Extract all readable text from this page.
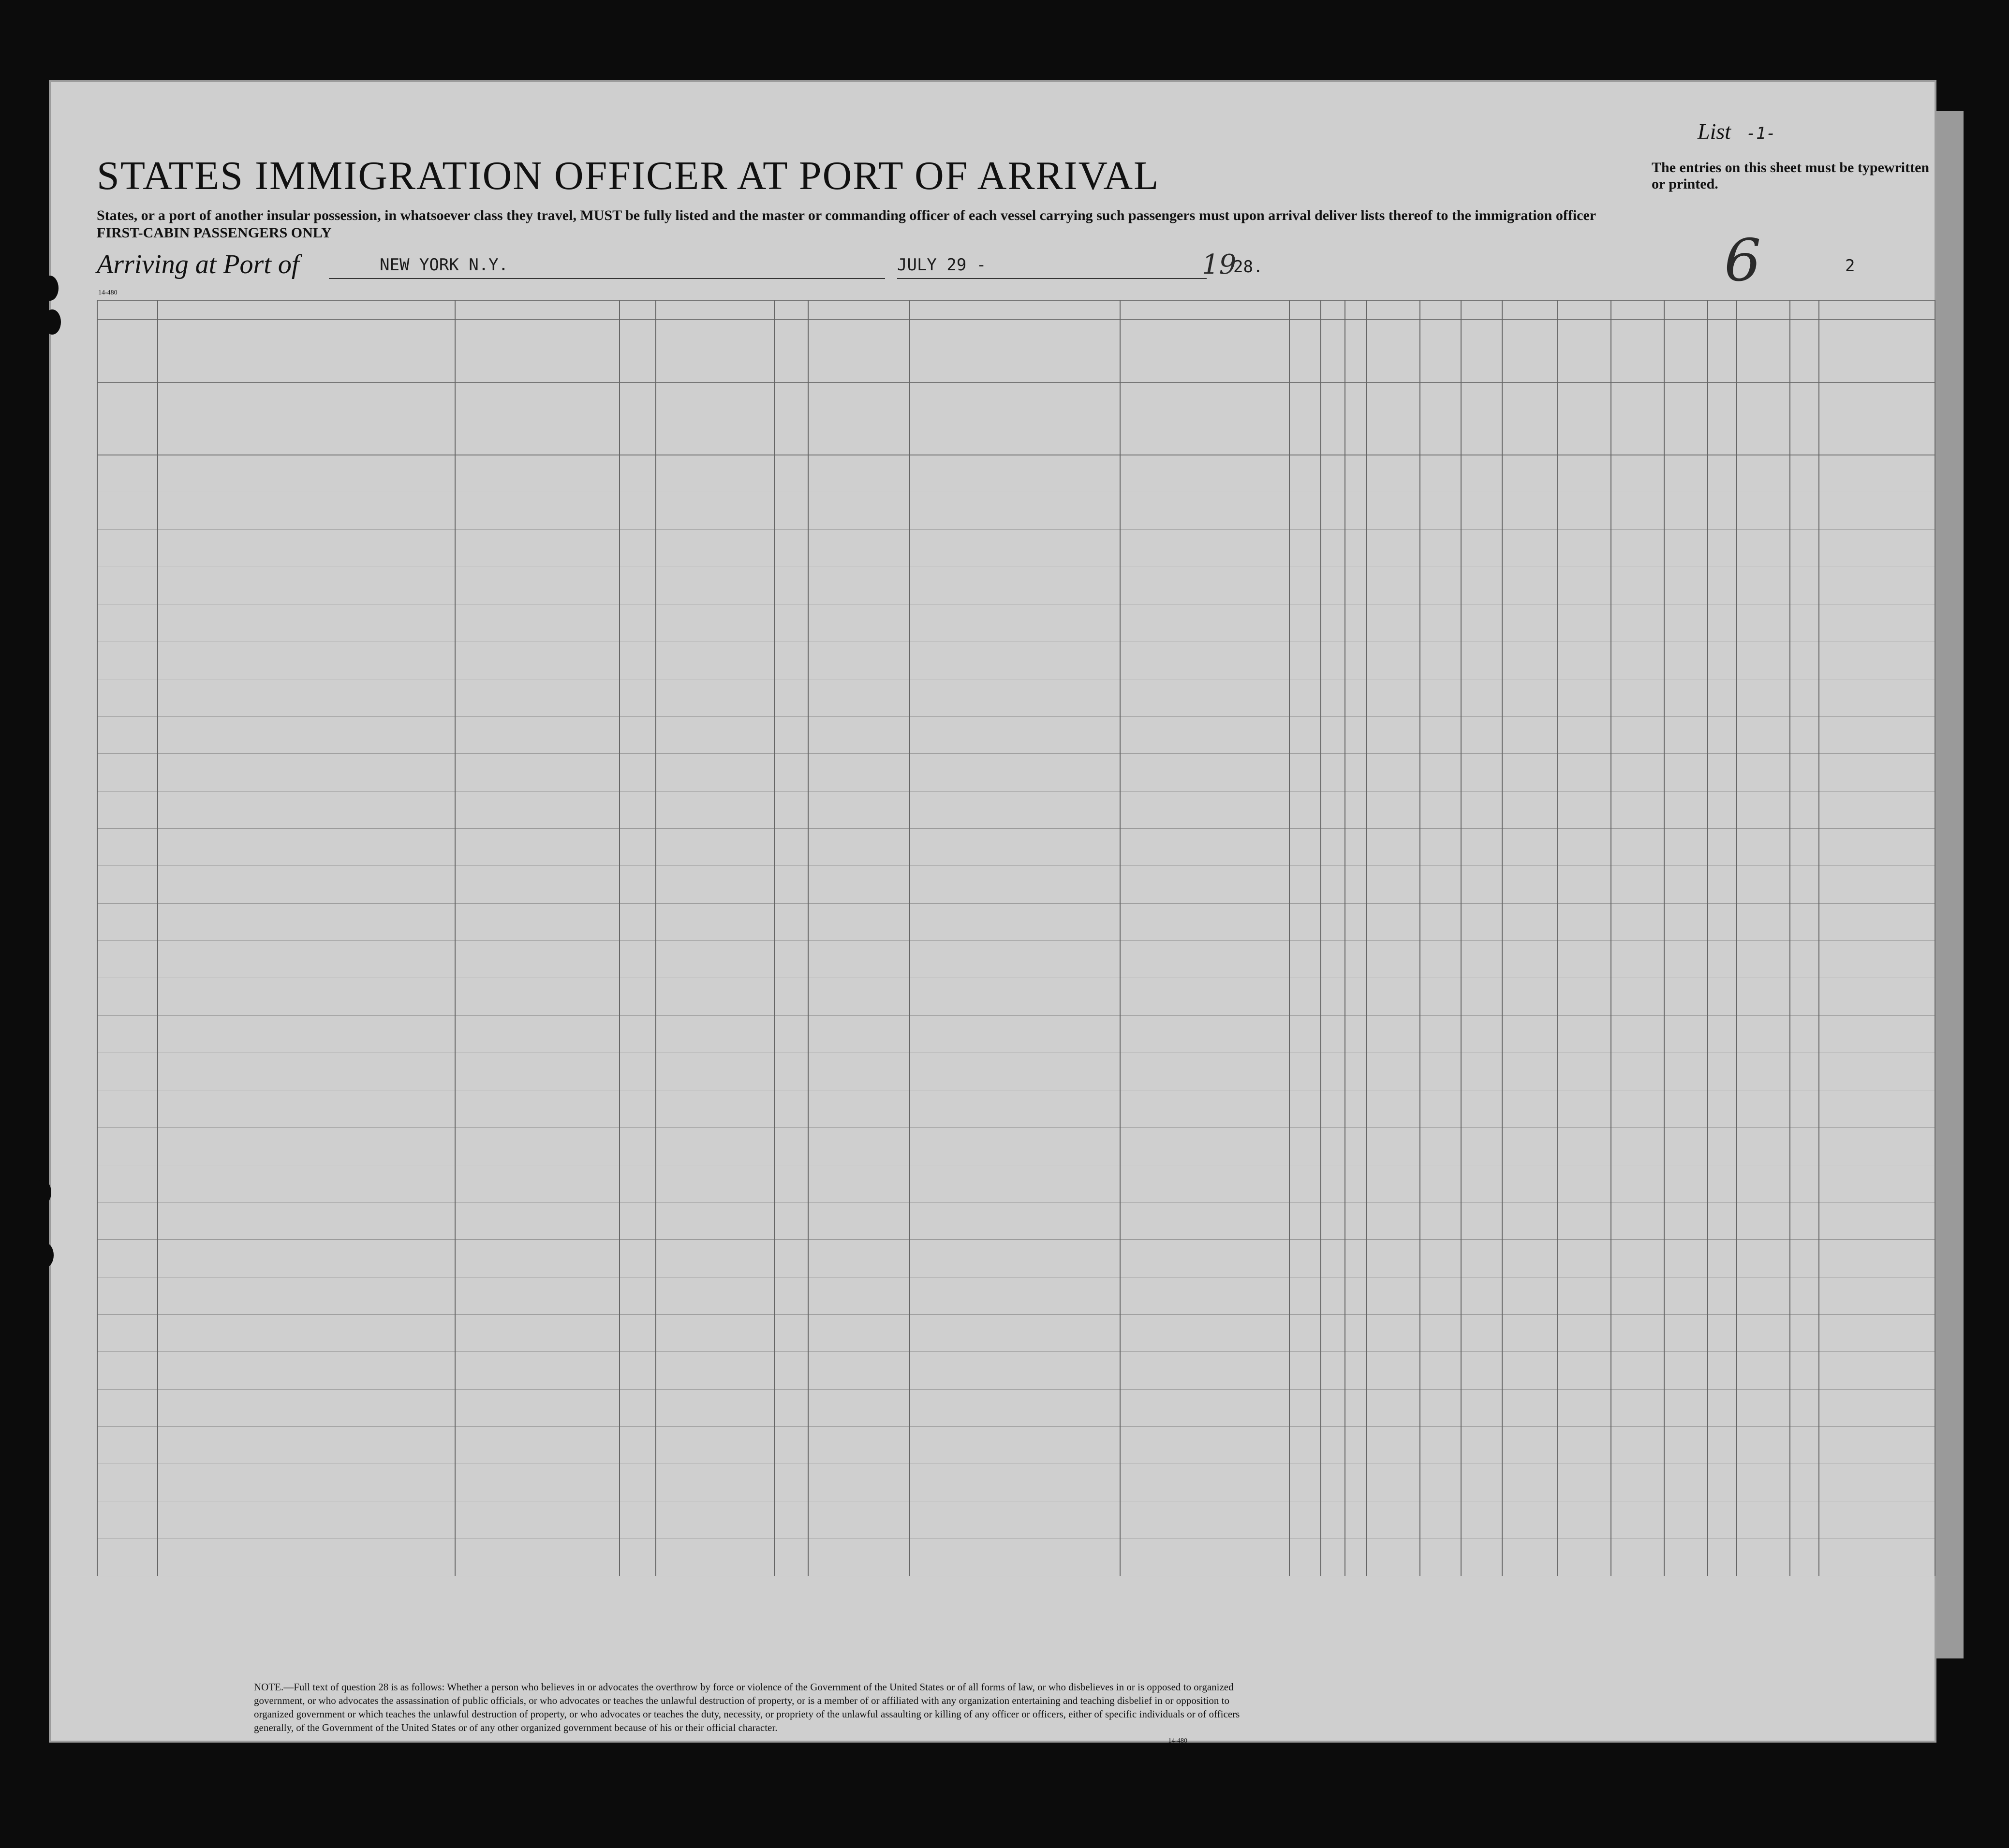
STATES IMMIGRATION OFFICER AT PORT OF ARRIVAL
List -1-
The entries on this sheet must be typewritten or printed.
States, or a port of another insular possession, in whatsoever class they travel, MUST be fully listed and the master or commanding officer of each vessel carrying such passengers must upon arrival deliver lists thereof to the immigration officer
FIRST-CABIN PASSENGERS ONLY
Arriving at Port of	NEW YORK N.Y.	JULY 29 -	19
28.	6	2
14-480
NOTE.—Full text of question 28 is as follows: Whether a person who believes in or advocates the overthrow by force or violence of the Government of the United States or of all forms of law, or who disbelieves in or is opposed to organized government, or who advocates the assassination of public officials, or who advocates or teaches the unlawful destruction of property, or is a member of or affiliated with any organization entertaining and teaching disbelief in or opposition to organized government or which teaches the unlawful destruction of property, or who advocates or teaches the duty, necessity, or propriety of the unlawful assaulting or killing of any officer or officers, either of specific individuals or of officers generally, of the Government of the United States or of any other organized government because of his or their official character.
14-480
